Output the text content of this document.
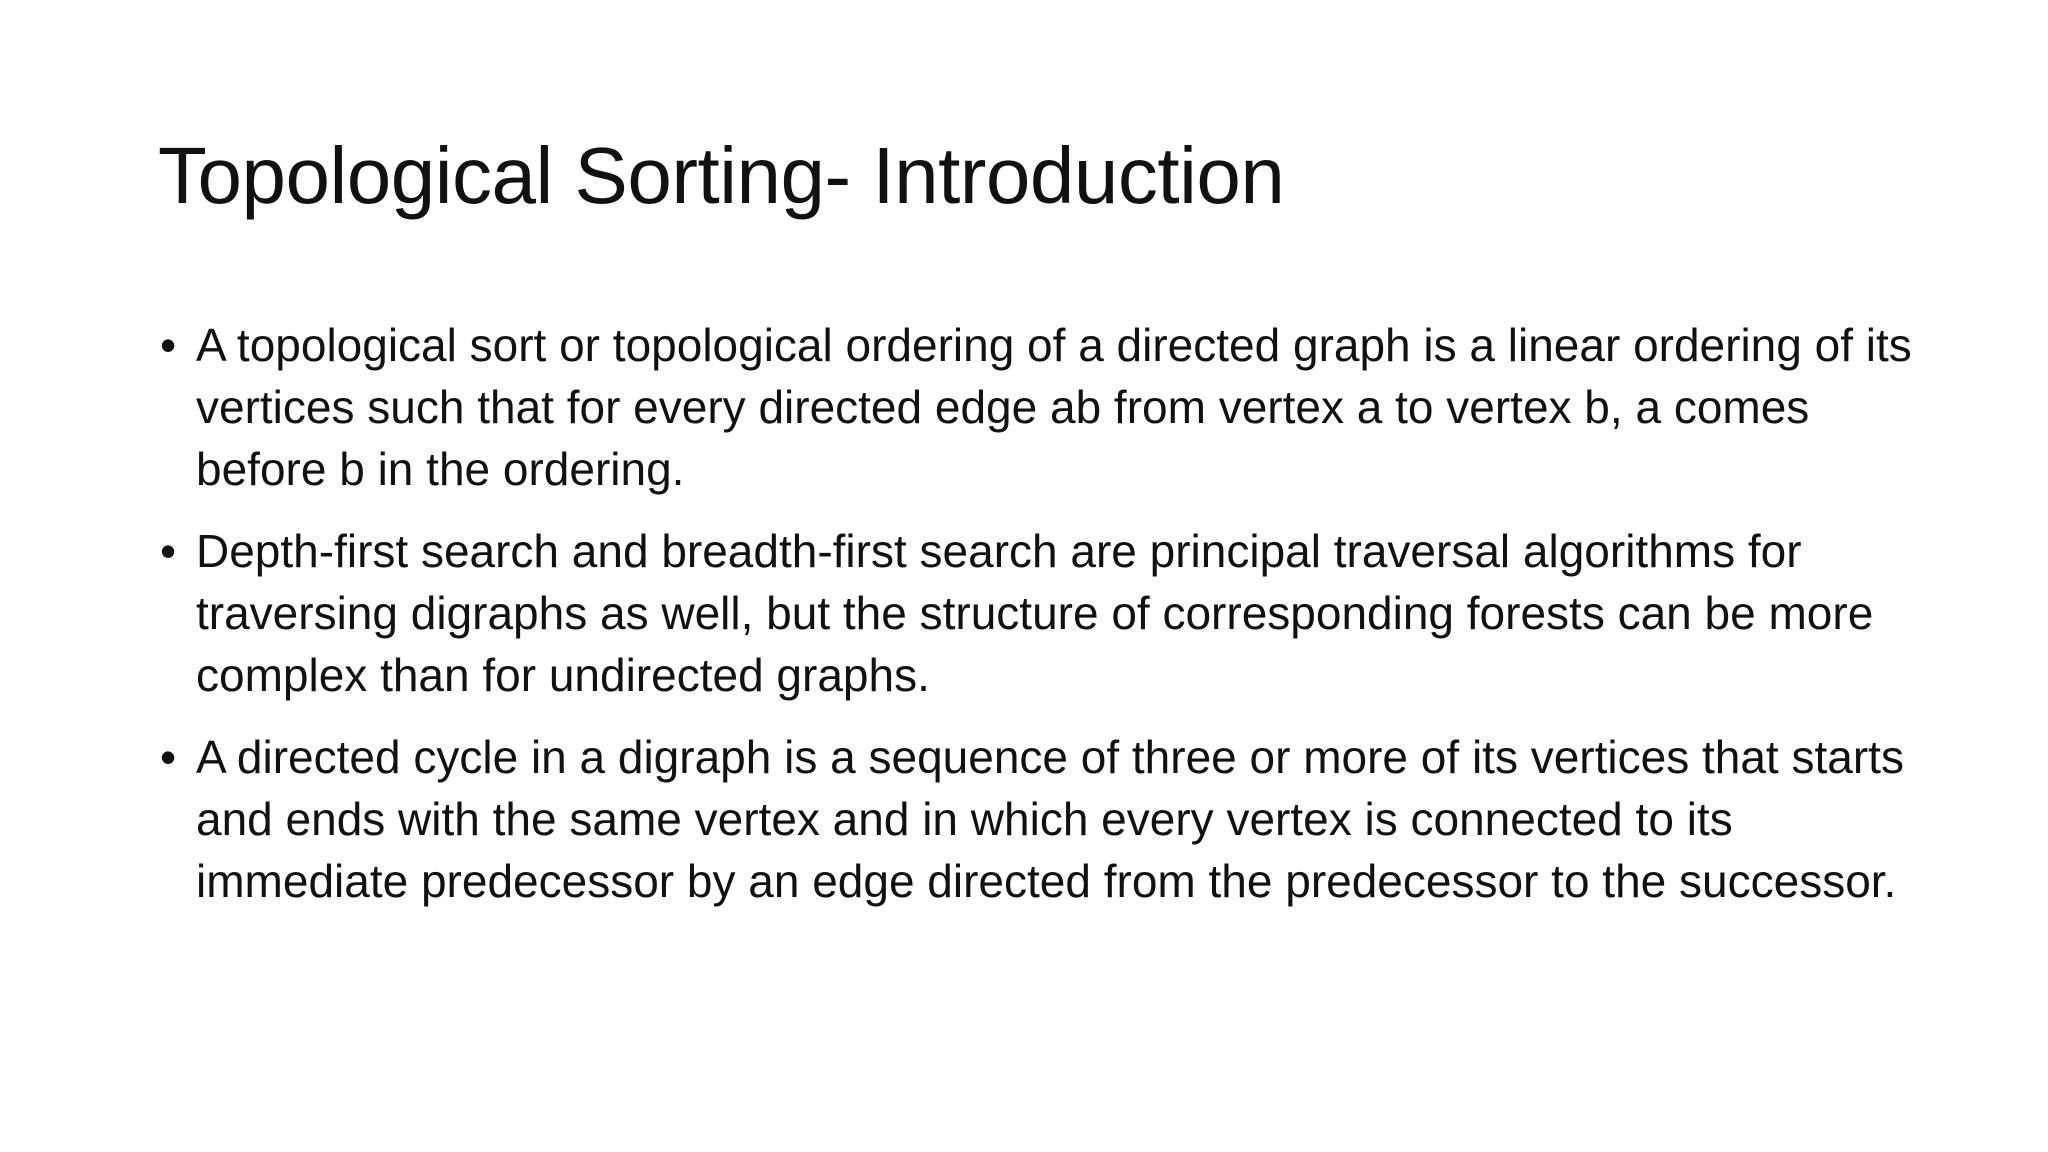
Topological Sorting- Introduction
• A topological sort or topological ordering of a directed graph is a linear ordering of its vertices such that for every directed edge ab from vertex a to vertex b, a comes before b in the ordering.
• Depth-first search and breadth-first search are principal traversal algorithms for traversing digraphs as well, but the structure of corresponding forests can be more complex than for undirected graphs.
• A directed cycle in a digraph is a sequence of three or more of its vertices that starts and ends with the same vertex and in which every vertex is connected to its immediate predecessor by an edge directed from the predecessor to the successor.
